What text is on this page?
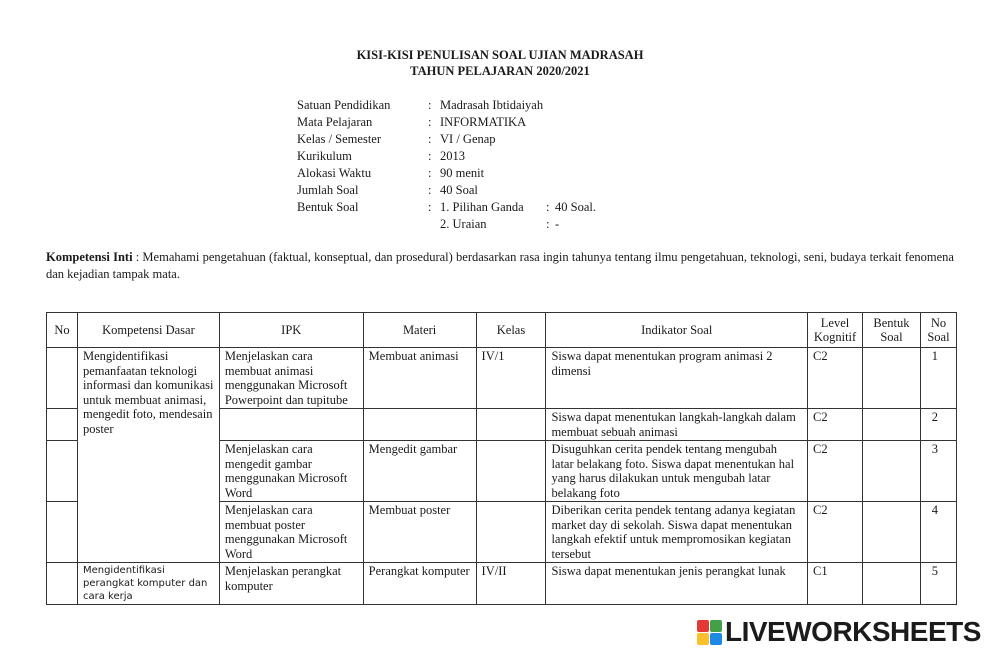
KISI-KISI PENULISAN SOAL UJIAN MADRASAH
TAHUN PELAJARAN 2020/2021
Satuan Pendidikan	: Madrasah Ibtidaiyah
Mata Pelajaran	: INFORMATIKA
Kelas / Semester	: VI / Genap
Kurikulum	: 2013
Alokasi Waktu	: 90 menit
Jumlah Soal	: 40 Soal
Bentuk Soal	: 1. Pilihan Ganda : 40 Soal.
2. Uraian	: -
Kompetensi Inti : Memahami pengetahuan (faktual, konseptual, dan prosedural) berdasarkan rasa ingin tahunya tentang ilmu pengetahuan, teknologi, seni, budaya terkait fenomena dan kejadian tampak mata.
No	Kompetensi Dasar	IPK	Materi	Kelas	Indikator Soal	Level Kognitif	Bentuk Soal	No Soal
	Mengidentifikasi pemanfaatan teknologi informasi dan komunikasi untuk membuat animasi, mengedit foto, mendesain poster	Menjelaskan cara membuat animasi menggunakan Microsoft Powerpoint dan tupitube	Membuat animasi	IV/1	Siswa dapat menentukan program animasi 2 dimensi	C2		1
					Siswa dapat menentukan langkah-langkah dalam membuat sebuah animasi	C2		2
		Menjelaskan cara mengedit gambar menggunakan Microsoft Word	Mengedit gambar		Disuguhkan cerita pendek tentang mengubah latar belakang foto. Siswa dapat menentukan hal yang harus dilakukan untuk mengubah latar belakang foto	C2		3
		Menjelaskan cara membuat poster menggunakan Microsoft Word	Membuat poster		Diberikan cerita pendek tentang adanya kegiatan market day di sekolah. Siswa dapat menentukan langkah efektif untuk mempromosikan kegiatan tersebut	C2		4
	Mengidentifikasi perangkat komputer dan cara kerja	Menjelaskan perangkat komputer	Perangkat komputer	IV/II	Siswa dapat menentukan jenis perangkat lunak	C1		5
LIVEWORKSHEETS
